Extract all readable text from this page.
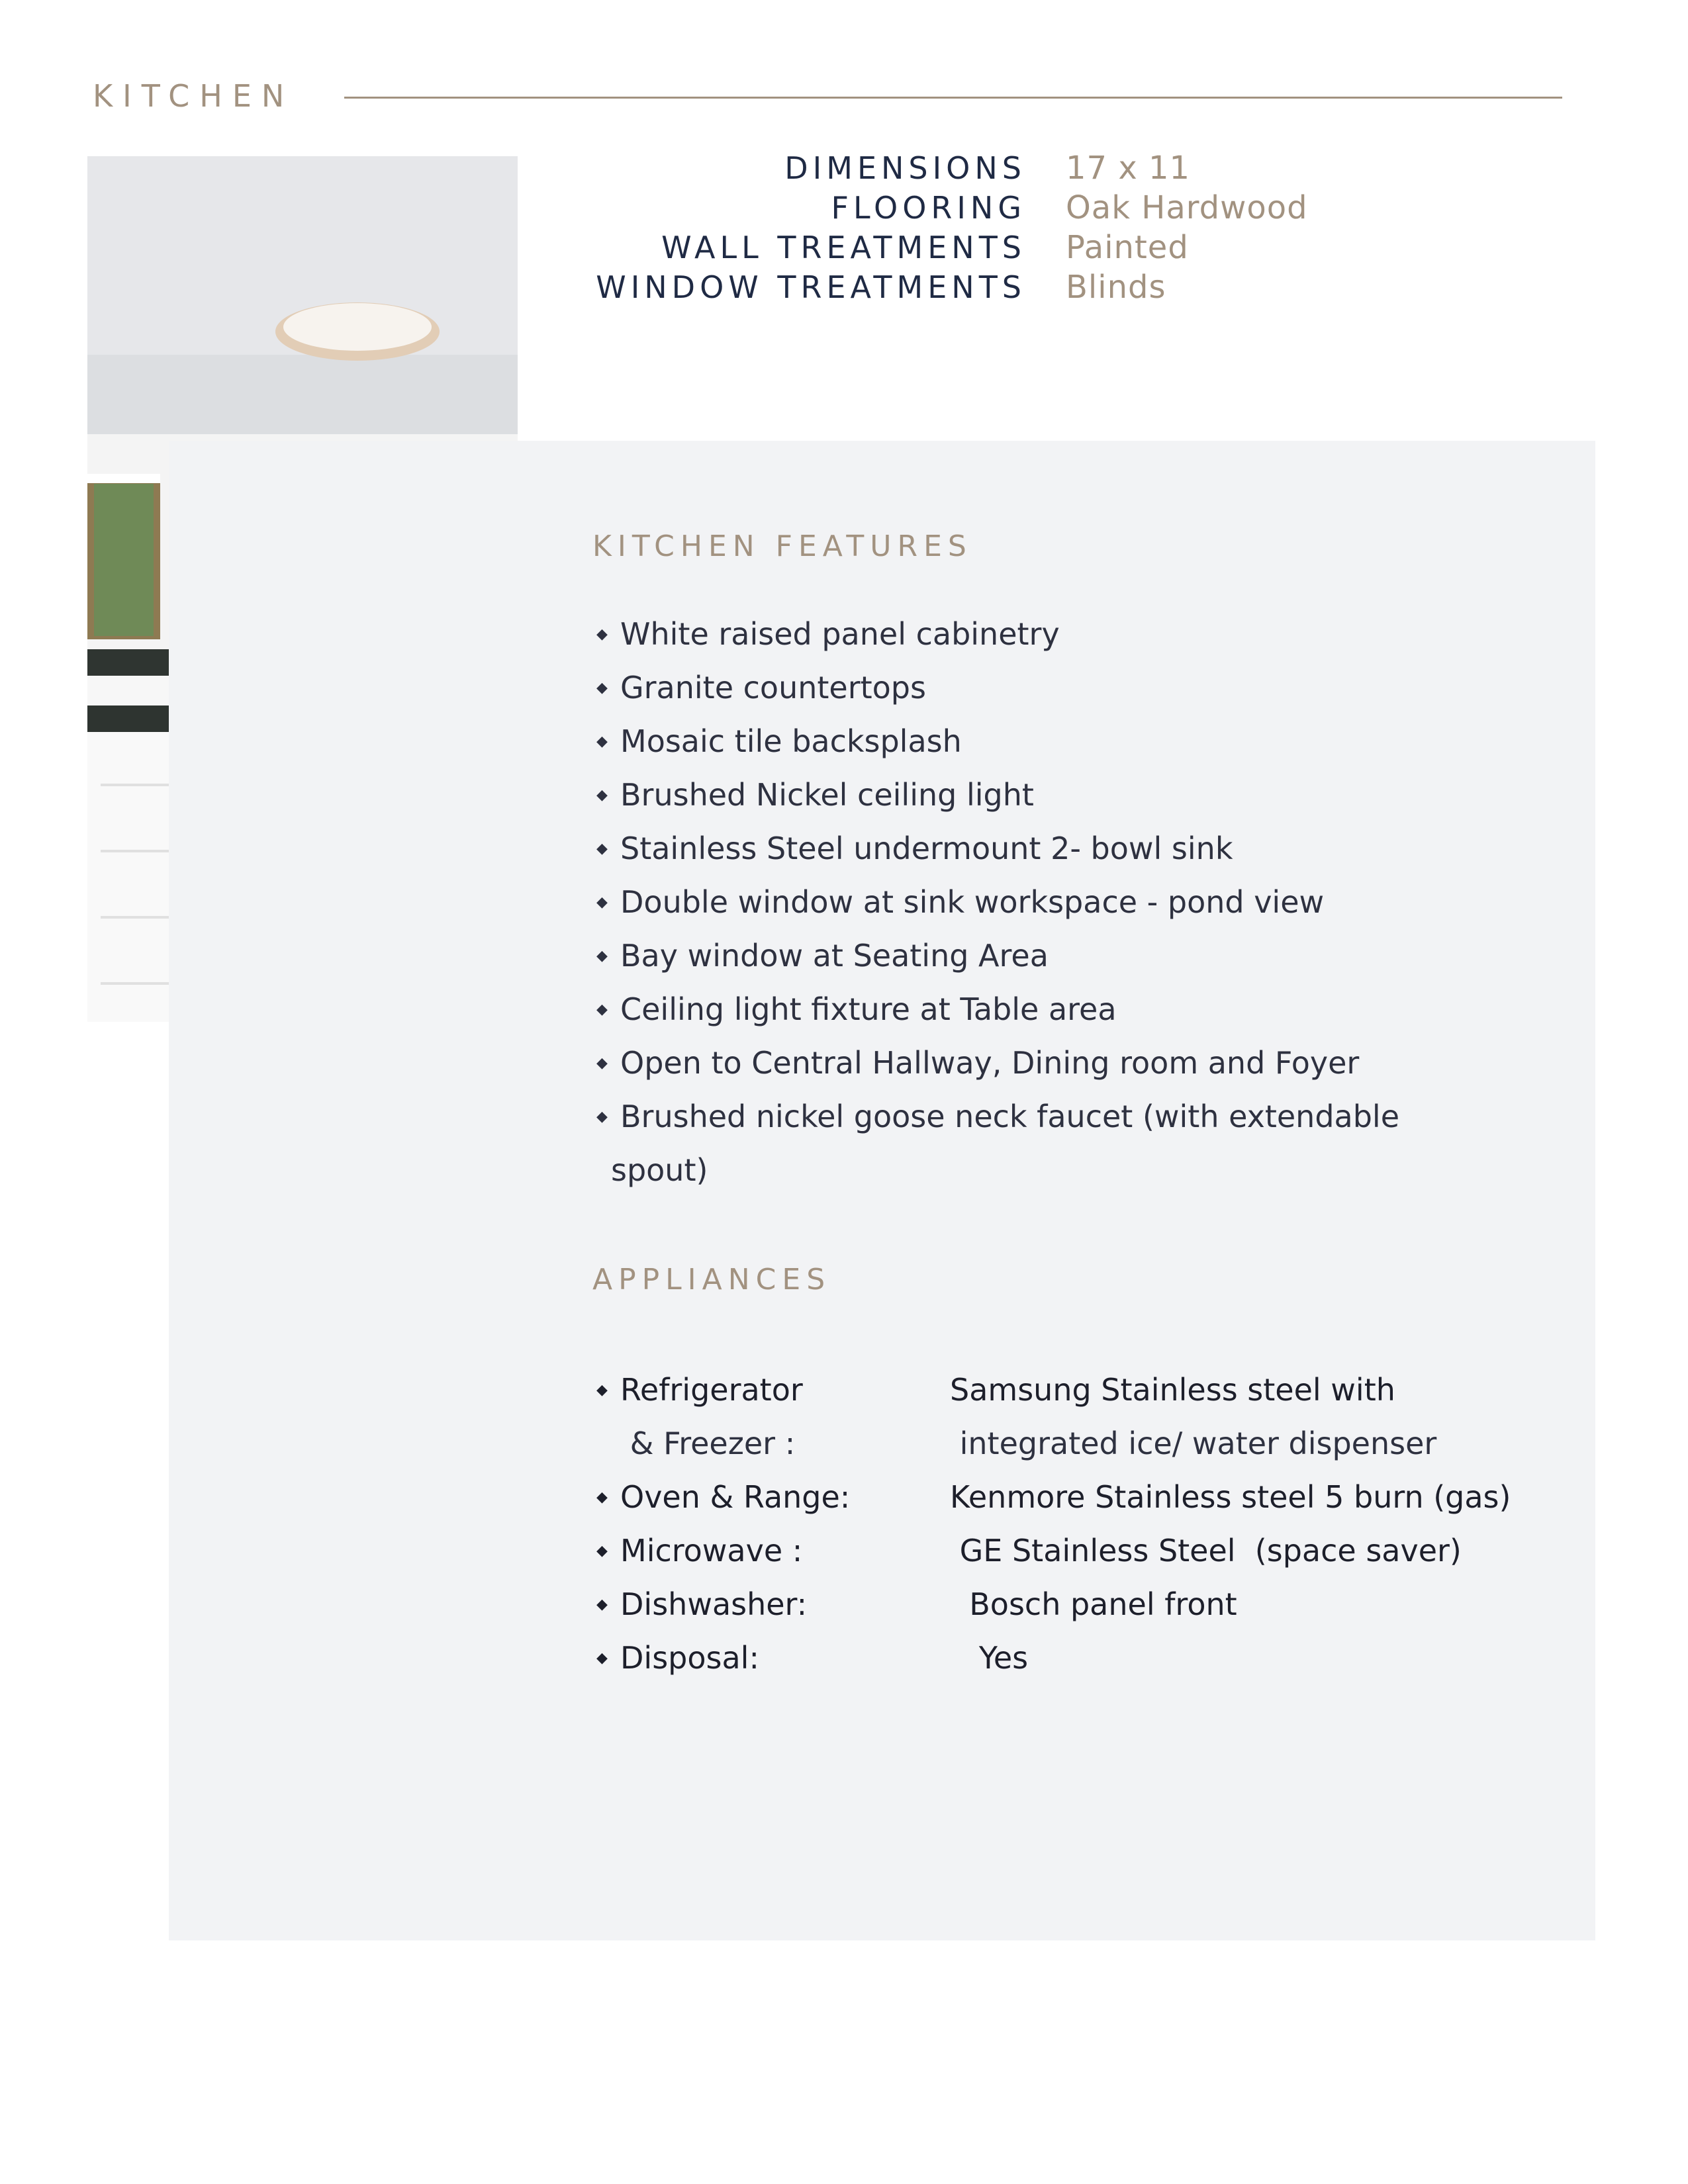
KITCHEN
DIMENSIONS	17 x 11
FLOORING	Oak Hardwood
WALL TREATMENTS	Painted
WINDOW TREATMENTS	Blinds
KITCHEN FEATURES
◆ White raised panel cabinetry
◆ Granite countertops
◆ Mosaic tile backsplash
◆ Brushed Nickel ceiling light
◆ Stainless Steel undermount 2- bowl sink
◆ Double window at sink workspace - pond view
◆ Bay window at Seating Area
◆ Ceiling light fixture at Table area
◆ Open to Central Hallway, Dining room and Foyer
◆ Brushed nickel goose neck faucet (with extendable
spout)
APPLIANCES
◆ Refrigerator	Samsung Stainless steel with
& Freezer :	integrated ice/ water dispenser
◆ Oven & Range:	Kenmore Stainless steel 5 burn (gas)
◆ Microwave :	GE Stainless Steel  (space saver)
◆ Dishwasher:	Bosch panel front
◆ Disposal:	Yes
